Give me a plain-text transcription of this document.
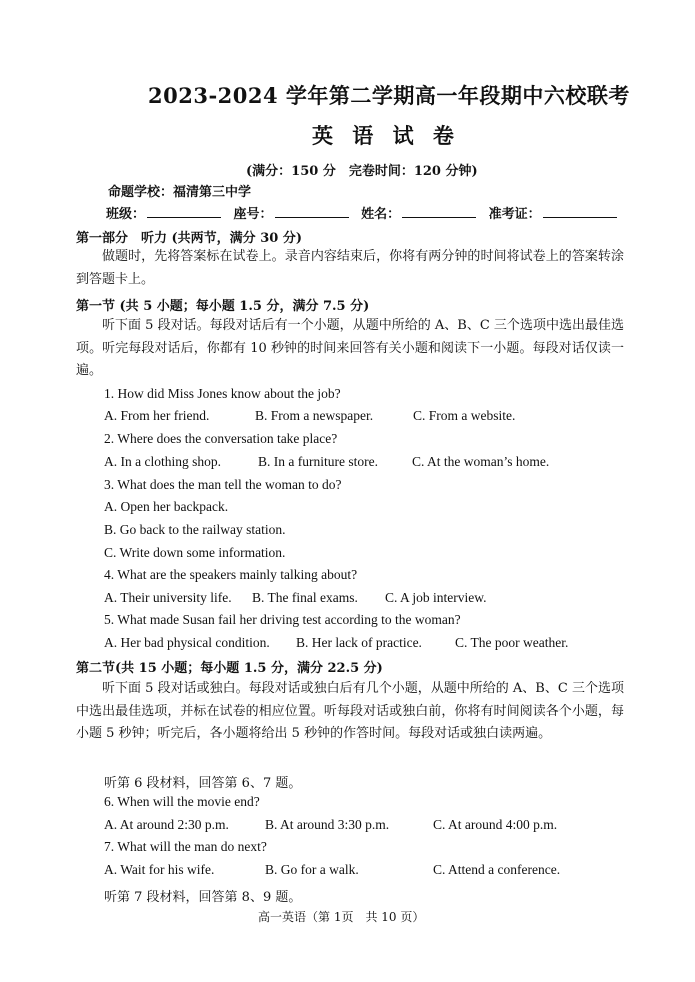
2023-2024 学年第二学期高一年段期中六校联考
英 语 试 卷
(满分：150 分　完卷时间：120 分钟)
命题学校：福清第三中学
班级：	座号：	姓名：	准考证：
第一部分　听力 (共两节，满分 30 分)
做题时，先将答案标在试卷上。录音内容结束后，你将有两分钟的时间将试卷上的答案转涂到答题卡上。
第一节 (共 5 小题；每小题 1.5 分，满分 7.5 分)
听下面 5 段对话。每段对话后有一个小题，从题中所给的 A、B、C 三个选项中选出最佳选项。听完每段对话后，你都有 10 秒钟的时间来回答有关小题和阅读下一小题。每段对话仅读一遍。
1. How did Miss Jones know about the job?
A. From her friend.	B. From a newspaper.	C. From a website.
2. Where does the conversation take place?
A. In a clothing shop.	B. In a furniture store.	C. At the woman’s home.
3. What does the man tell the woman to do?
A. Open her backpack.
B. Go back to the railway station.
C. Write down some information.
4. What are the speakers mainly talking about?
A. Their university life. B. The final exams. C. A job interview.
5. What made Susan fail her driving test according to the woman?
A. Her bad physical condition. B. Her lack of practice. C. The poor weather.
第二节(共 15 小题；每小题 1.5 分，满分 22.5 分)
听下面 5 段对话或独白。每段对话或独白后有几个小题，从题中所给的 A、B、C 三个选项中选出最佳选项，并标在试卷的相应位置。听每段对话或独白前，你将有时间阅读各个小题，每小题 5 秒钟；听完后，各小题将给出 5 秒钟的作答时间。每段对话或独白读两遍。
听第 6 段材料，回答第 6、7 题。
6. When will the movie end?
A. At around 2:30 p.m.	B. At around 3:30 p.m.	C. At around 4:00 p.m.
7. What will the man do next?
A. Wait for his wife.	B. Go for a walk.	C. Attend a conference.
听第 7 段材料，回答第 8、9 题。
高一英语（第 1页　共 10 页）
